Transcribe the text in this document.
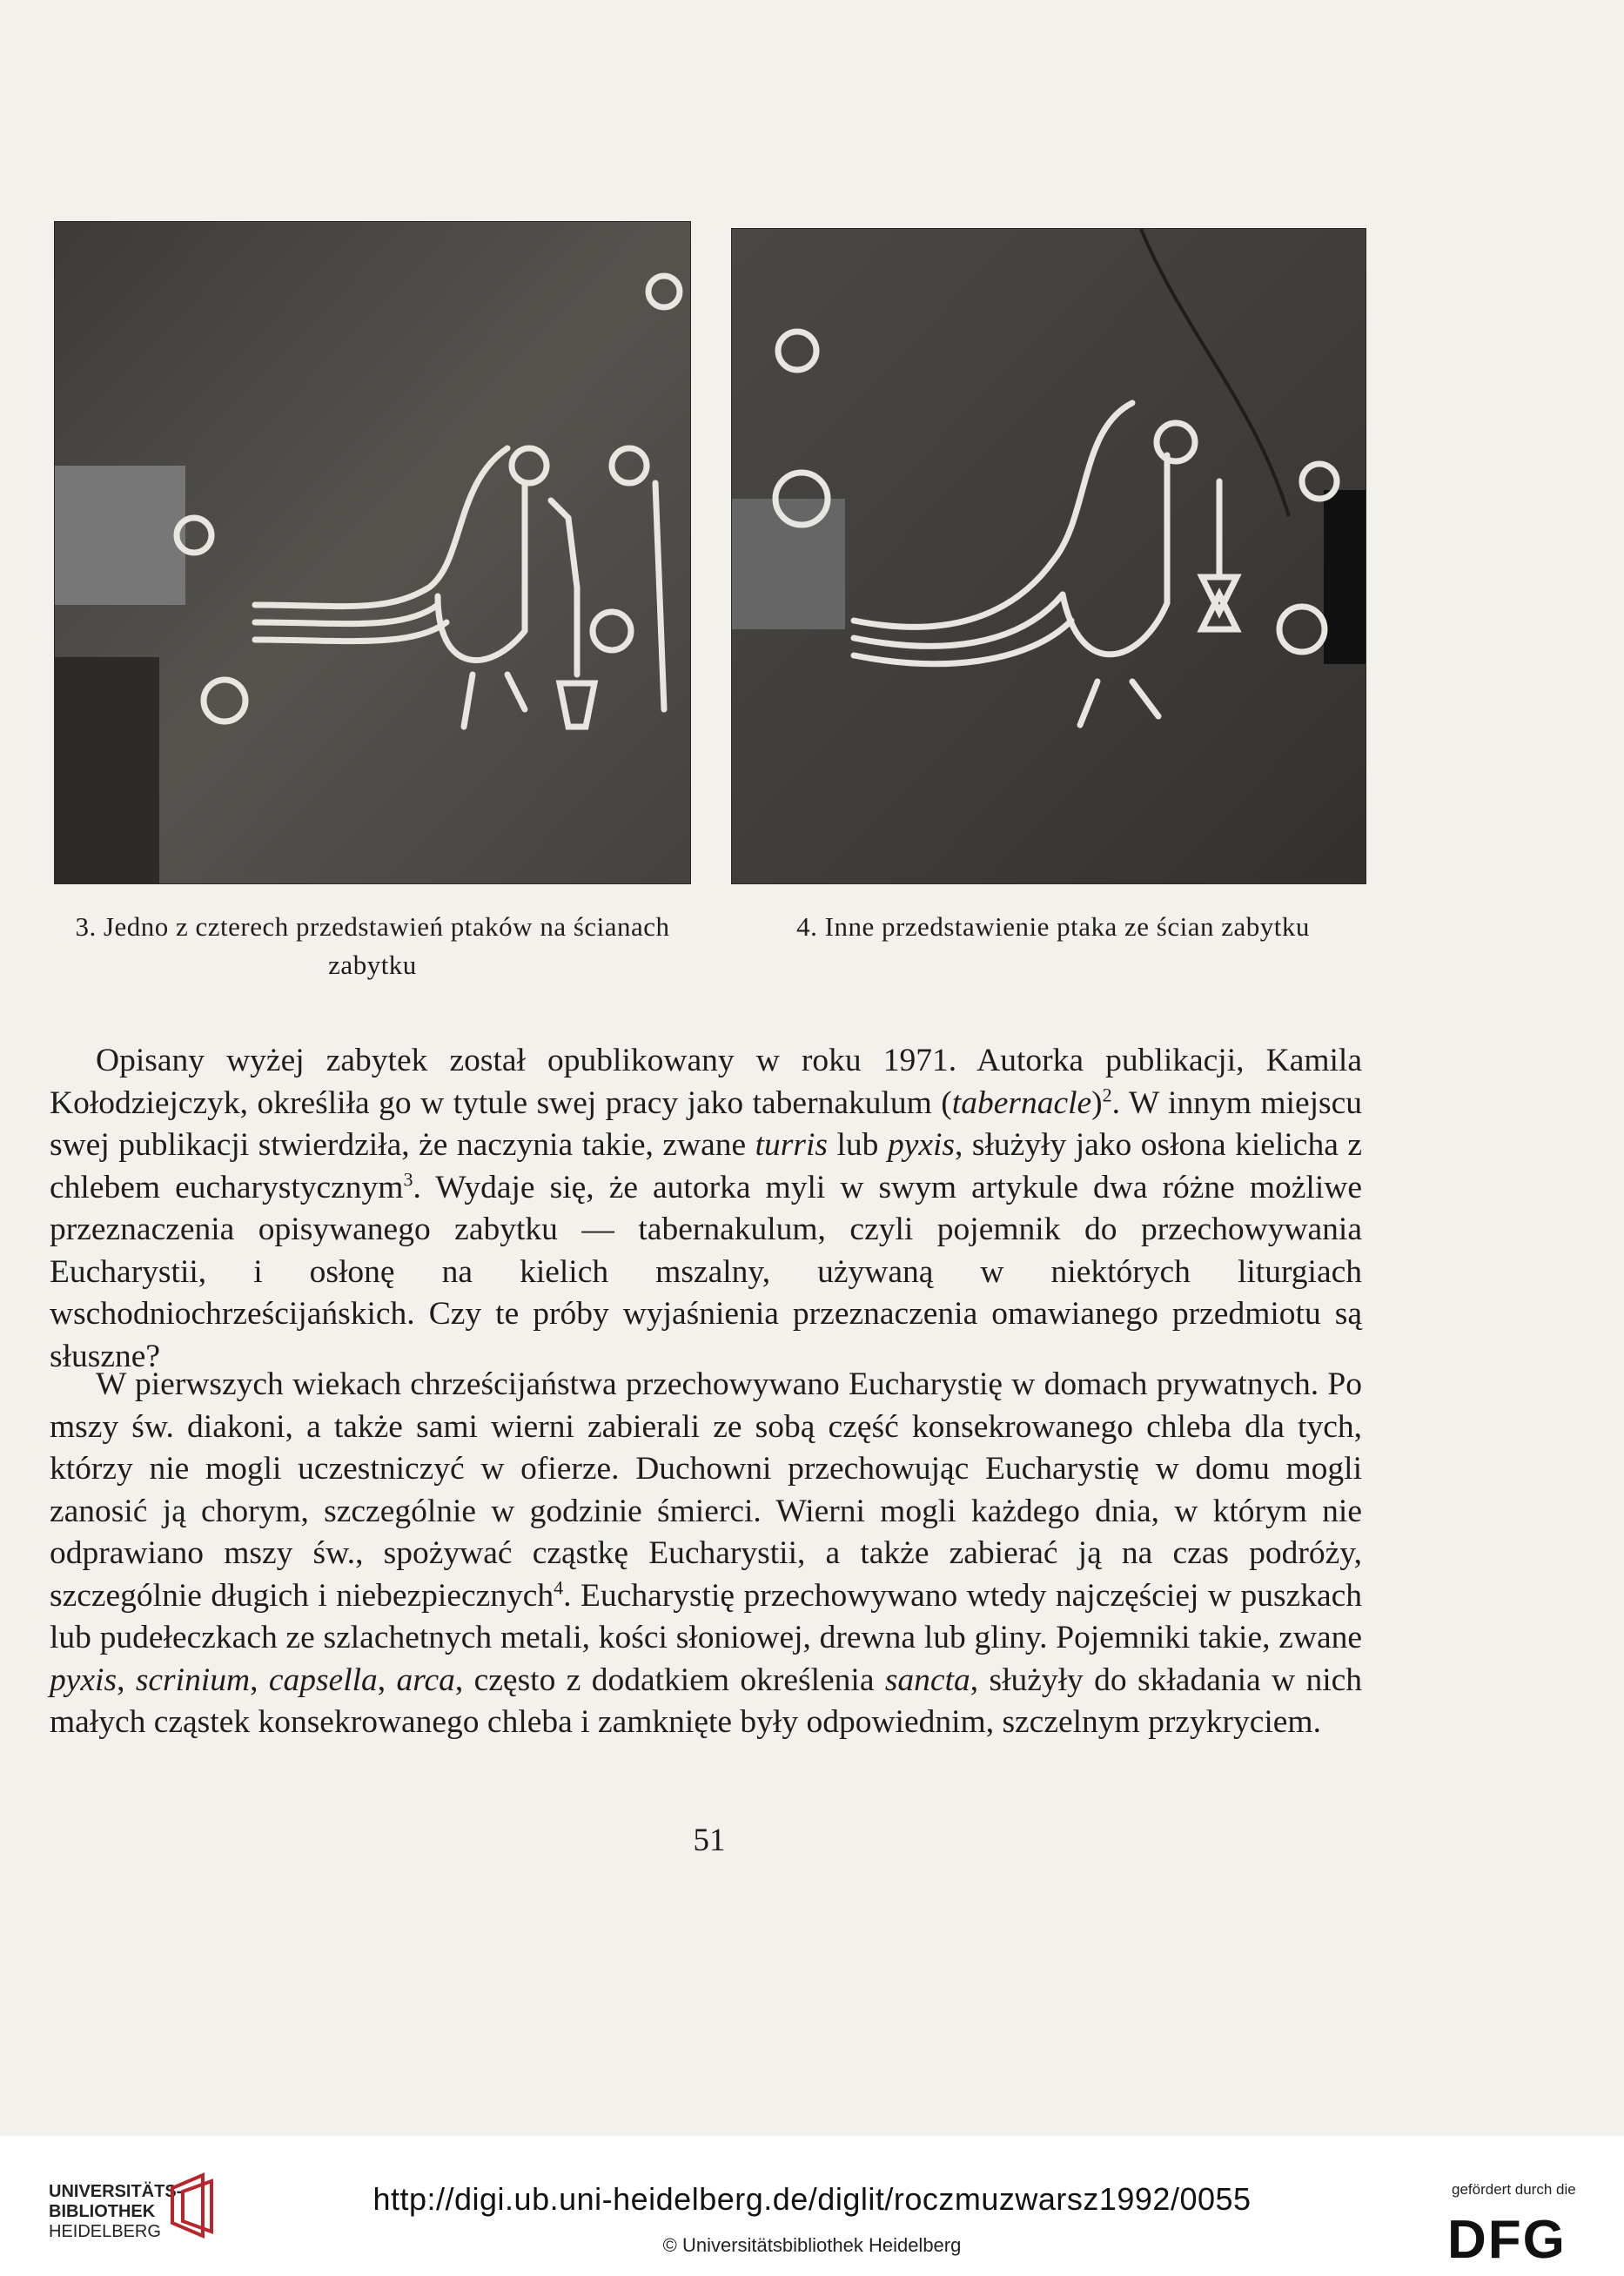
3. Jedno z czterech przedstawień ptaków na ścianach
zabytku
4. Inne przedstawienie ptaka ze ścian zabytku
Opisany wyżej zabytek został opublikowany w roku 1971. Autorka publikacji, Kamila Kołodziejczyk, określiła go w tytule swej pracy jako tabernakulum (tabernacle)$^2$. W innym miejscu swej publikacji stwierdziła, że naczynia takie, zwane turris lub pyxis, służyły jako osłona kielicha z chlebem eucharystycznym$^3$. Wydaje się, że autorka myli w swym artykule dwa różne możliwe przeznaczenia opisywanego zabytku — tabernakulum, czyli pojemnik do przechowywania Eucharystii, i osłonę na kielich mszalny, używaną w niektórych liturgiach wschodniochrześcijańskich. Czy te próby wyjaśnienia przeznaczenia omawianego przedmiotu są słuszne?
W pierwszych wiekach chrześcijaństwa przechowywano Eucharystię w domach prywatnych. Po mszy św. diakoni, a także sami wierni zabierali ze sobą część konsekrowanego chleba dla tych, którzy nie mogli uczestniczyć w ofierze. Duchowni przechowując Eucharystię w domu mogli zanosić ją chorym, szczególnie w godzinie śmierci. Wierni mogli każdego dnia, w którym nie odprawiano mszy św., spożywać cząstkę Eucharystii, a także zabierać ją na czas podróży, szczególnie długich i niebezpiecznych$^4$. Eucharystię przechowywano wtedy najczęściej w puszkach lub pudełeczkach ze szlachetnych metali, kości słoniowej, drewna lub gliny. Pojemniki takie, zwane pyxis, scrinium, capsella, arca, często z dodatkiem określenia sancta, służyły do składania w nich małych cząstek konsekrowanego chleba i zamknięte były odpowiednim, szczelnym przykryciem.
51
UNIVERSITÄTS-
BIBLIOTHEK
HEIDELBERG
http://digi.ub.uni-heidelberg.de/diglit/roczmuzwarsz1992/0055
© Universitätsbibliothek Heidelberg
gefördert durch die
DFG
